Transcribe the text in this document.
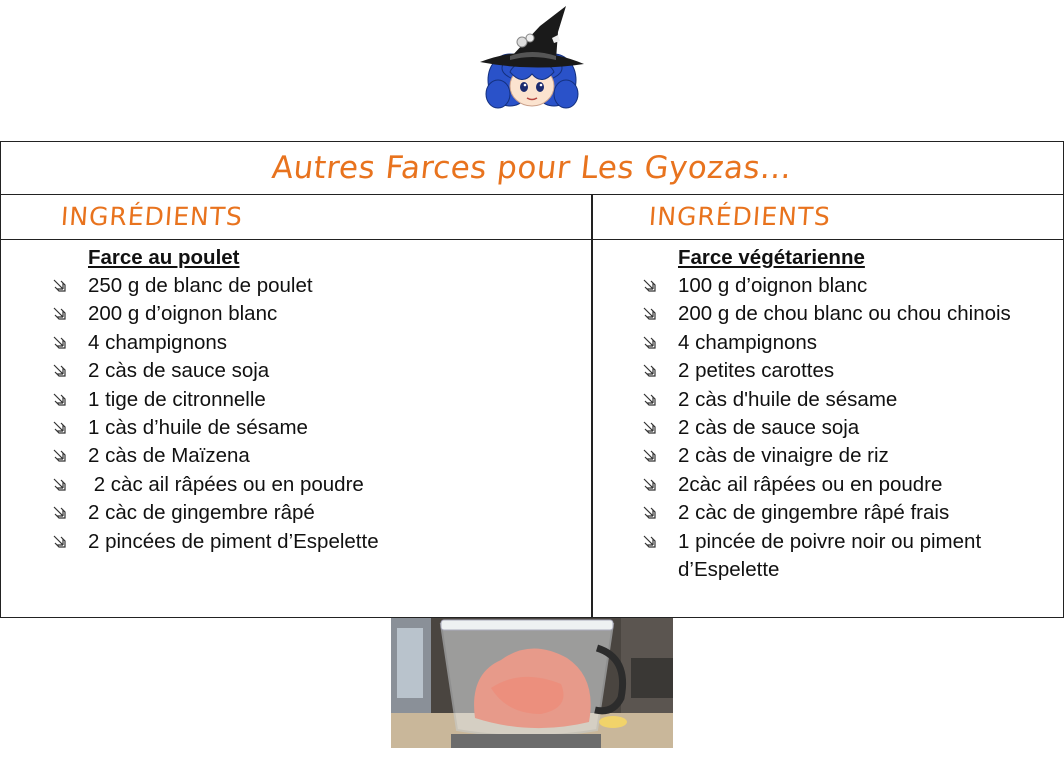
Autres Farces pour Les Gyozas…
INGRÉDIENTS	INGRÉDIENTS
Farce au poulet
250 g de blanc de poulet
200 g d’oignon blanc
4 champignons
2 càs de sauce soja
1 tige de citronnelle
1 càs d’huile de sésame
2 càs de Maïzena
2 càc ail râpées ou en poudre
2 càc de gingembre râpé
2 pincées de piment d’Espelette
Farce végétarienne
100 g d’oignon blanc
200 g de chou blanc ou chou chinois
4 champignons
2 petites carottes
2 càs d'huile de sésame
2 càs de sauce soja
2 càs de vinaigre de riz
2càc ail râpées ou en poudre
2 càc de gingembre râpé frais
1 pincée de poivre noir ou piment d’Espelette
